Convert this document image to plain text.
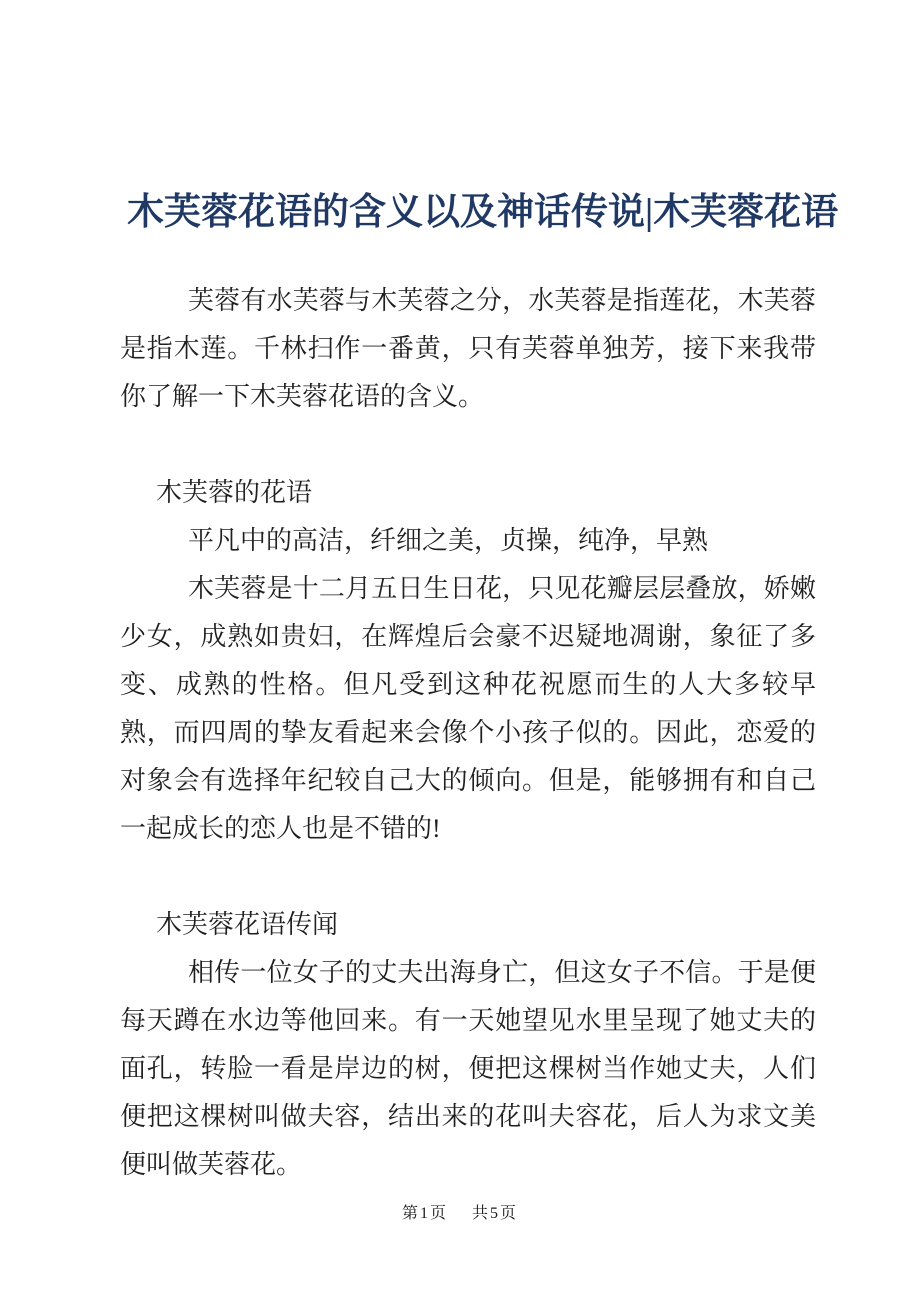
木芙蓉花语的含义以及神话传说|木芙蓉花语

芙蓉有水芙蓉与木芙蓉之分，水芙蓉是指莲花，木芙蓉是指木莲。千林扫作一番黄，只有芙蓉单独芳，接下来我带你了解一下木芙蓉花语的含义。

木芙蓉的花语

平凡中的高洁，纤细之美，贞操，纯净，早熟

木芙蓉是十二月五日生日花，只见花瓣层层叠放，娇嫩少女，成熟如贵妇，在辉煌后会豪不迟疑地凋谢，象征了多变、成熟的性格。但凡受到这种花祝愿而生的人大多较早熟，而四周的挚友看起来会像个小孩子似的。因此，恋爱的对象会有选择年纪较自己大的倾向。但是，能够拥有和自己一起成长的恋人也是不错的!

木芙蓉花语传闻

相传一位女子的丈夫出海身亡，但这女子不信。于是便每天蹲在水边等他回来。有一天她望见水里呈现了她丈夫的面孔，转脸一看是岸边的树，便把这棵树当作她丈夫，人们便把这棵树叫做夫容，结出来的花叫夫容花，后人为求文美便叫做芙蓉花。

第1页 共5页
